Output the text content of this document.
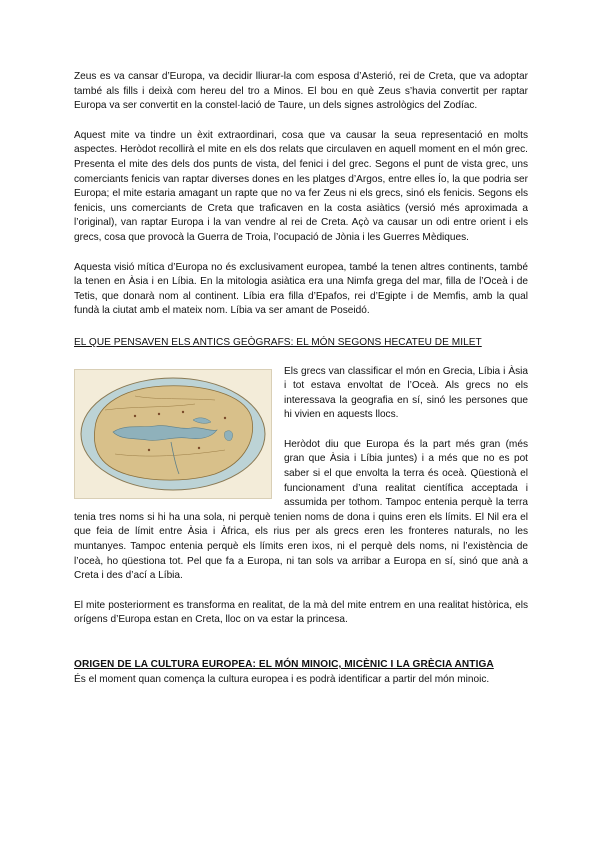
Zeus es va cansar d’Europa, va decidir lliurar-la com esposa d’Asterió, rei de Creta, que va adoptar també als fills i deixà com hereu del tro a Minos. El bou en què Zeus s’havia convertit per raptar Europa va ser convertit en la constel·lació de Taure, un dels signes astrològics del Zodíac.

Aquest mite va tindre un èxit extraordinari, cosa que va causar la seua representació en molts aspectes. Heròdot recollirà el mite en els dos relats que circulaven en aquell moment en el món grec. Presenta el mite des dels dos punts de vista, del fenici i del grec. Segons el punt de vista grec, uns comerciants fenicis van raptar diverses dones en les platges d’Argos, entre elles Ío, la que podria ser Europa; el mite estaria amagant un rapte que no va fer Zeus ni els grecs, sinó els fenicis. Segons els fenicis, uns comerciants de Creta que traficaven en la costa asiàtics (versió més aproximada a l’original), van raptar Europa i la van vendre al rei de Creta. Açò va causar un odi entre orient i els grecs, cosa que provocà la Guerra de Troia, l’ocupació de Jònia i les Guerres Mèdiques.

Aquesta visió mítica d’Europa no és exclusivament europea, també la tenen altres continents, també la tenen en Àsia i en Líbia. En la mitologia asiàtica era una Nimfa grega del mar, filla de l’Oceà i de Tetis, que donarà nom al continent. Líbia era filla d’Epafos, rei d’Egipte i de Memfis, amb la qual fundà la ciutat amb el mateix nom. Líbia va ser amant de Poseidó.

EL QUE PENSAVEN ELS ANTICS GEÒGRAFS: EL MÓN SEGONS HECATEU DE MILET

Els grecs van classificar el món en Grecia, Líbia i Àsia i tot estava envoltat de l’Oceà. Als grecs no els interessava la geografia en sí, sinó les persones que hi vivien en aquests llocs.

Heròdot diu que Europa és la part més gran (més gran que Àsia i Líbia juntes) i a més que no es pot saber si el que envolta la terra és oceà. Qüestionà el funcionament d’una realitat científica acceptada i assumida per tothom. Tampoc entenia perquè la terra tenia tres noms si hi ha una sola, ni perquè tenien noms de dona i quins eren els límits. El Nil era el que feia de límit entre Àsia i Àfrica, els rius per als grecs eren les fronteres naturals, no les muntanyes. Tampoc entenia perquè els límits eren ixos, ni el perquè dels noms, ni l’existència de l’oceà, ho qüestiona tot. Pel que fa a Europa, ni tan sols va arribar a Europa en sí, sinó que anà a Creta i des d’ací a Líbia.

El mite posteriorment es transforma en realitat, de la mà del mite entrem en una realitat històrica, els orígens d’Europa estan en Creta, lloc on va estar la princesa.

ORIGEN DE LA CULTURA EUROPEA: EL MÓN MINOIC, MICÈNIC I LA GRÈCIA ANTIGA

És el moment quan comença la cultura europea i es podrà identificar a partir del món minoic.
